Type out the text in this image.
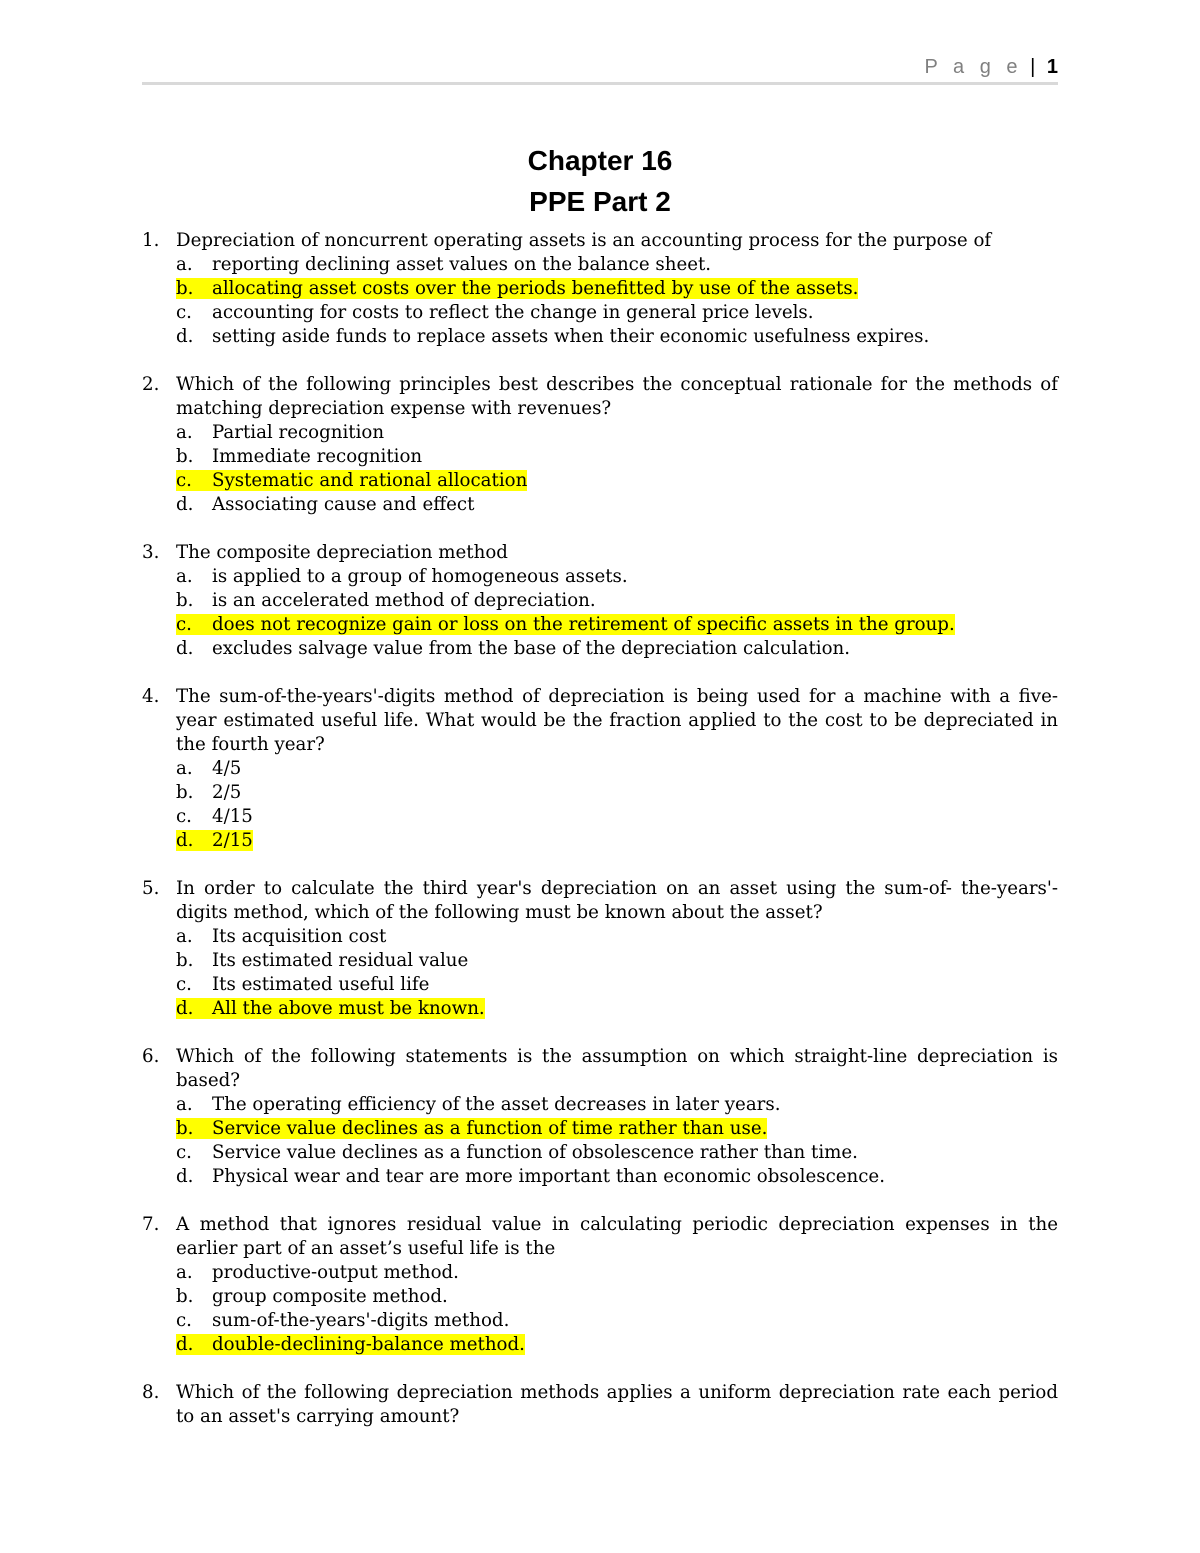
P a g e | 1
Chapter 16
PPE Part 2
1. Depreciation of noncurrent operating assets is an accounting process for the purpose of
a. reporting declining asset values on the balance sheet.
b. allocating asset costs over the periods benefitted by use of the assets.
c. accounting for costs to reflect the change in general price levels.
d. setting aside funds to replace assets when their economic usefulness expires.
2. Which of the following principles best describes the conceptual rationale for the methods of matching depreciation expense with revenues?
a. Partial recognition
b. Immediate recognition
c. Systematic and rational allocation
d. Associating cause and effect
3. The composite depreciation method
a. is applied to a group of homogeneous assets.
b. is an accelerated method of depreciation.
c. does not recognize gain or loss on the retirement of specific assets in the group.
d. excludes salvage value from the base of the depreciation calculation.
4. The sum-of-the-years'-digits method of depreciation is being used for a machine with a five-year estimated useful life. What would be the fraction applied to the cost to be depreciated in the fourth year?
a. 4/5
b. 2/5
c. 4/15
d. 2/15
5. In order to calculate the third year's depreciation on an asset using the sum-of- the-years'-digits method, which of the following must be known about the asset?
a. Its acquisition cost
b. Its estimated residual value
c. Its estimated useful life
d. All the above must be known.
6. Which of the following statements is the assumption on which straight-line depreciation is based?
a. The operating efficiency of the asset decreases in later years.
b. Service value declines as a function of time rather than use.
c. Service value declines as a function of obsolescence rather than time.
d. Physical wear and tear are more important than economic obsolescence.
7. A method that ignores residual value in calculating periodic depreciation expenses in the earlier part of an asset’s useful life is the
a. productive-output method.
b. group composite method.
c. sum-of-the-years'-digits method.
d. double-declining-balance method.
8. Which of the following depreciation methods applies a uniform depreciation rate each period to an asset's carrying amount?
